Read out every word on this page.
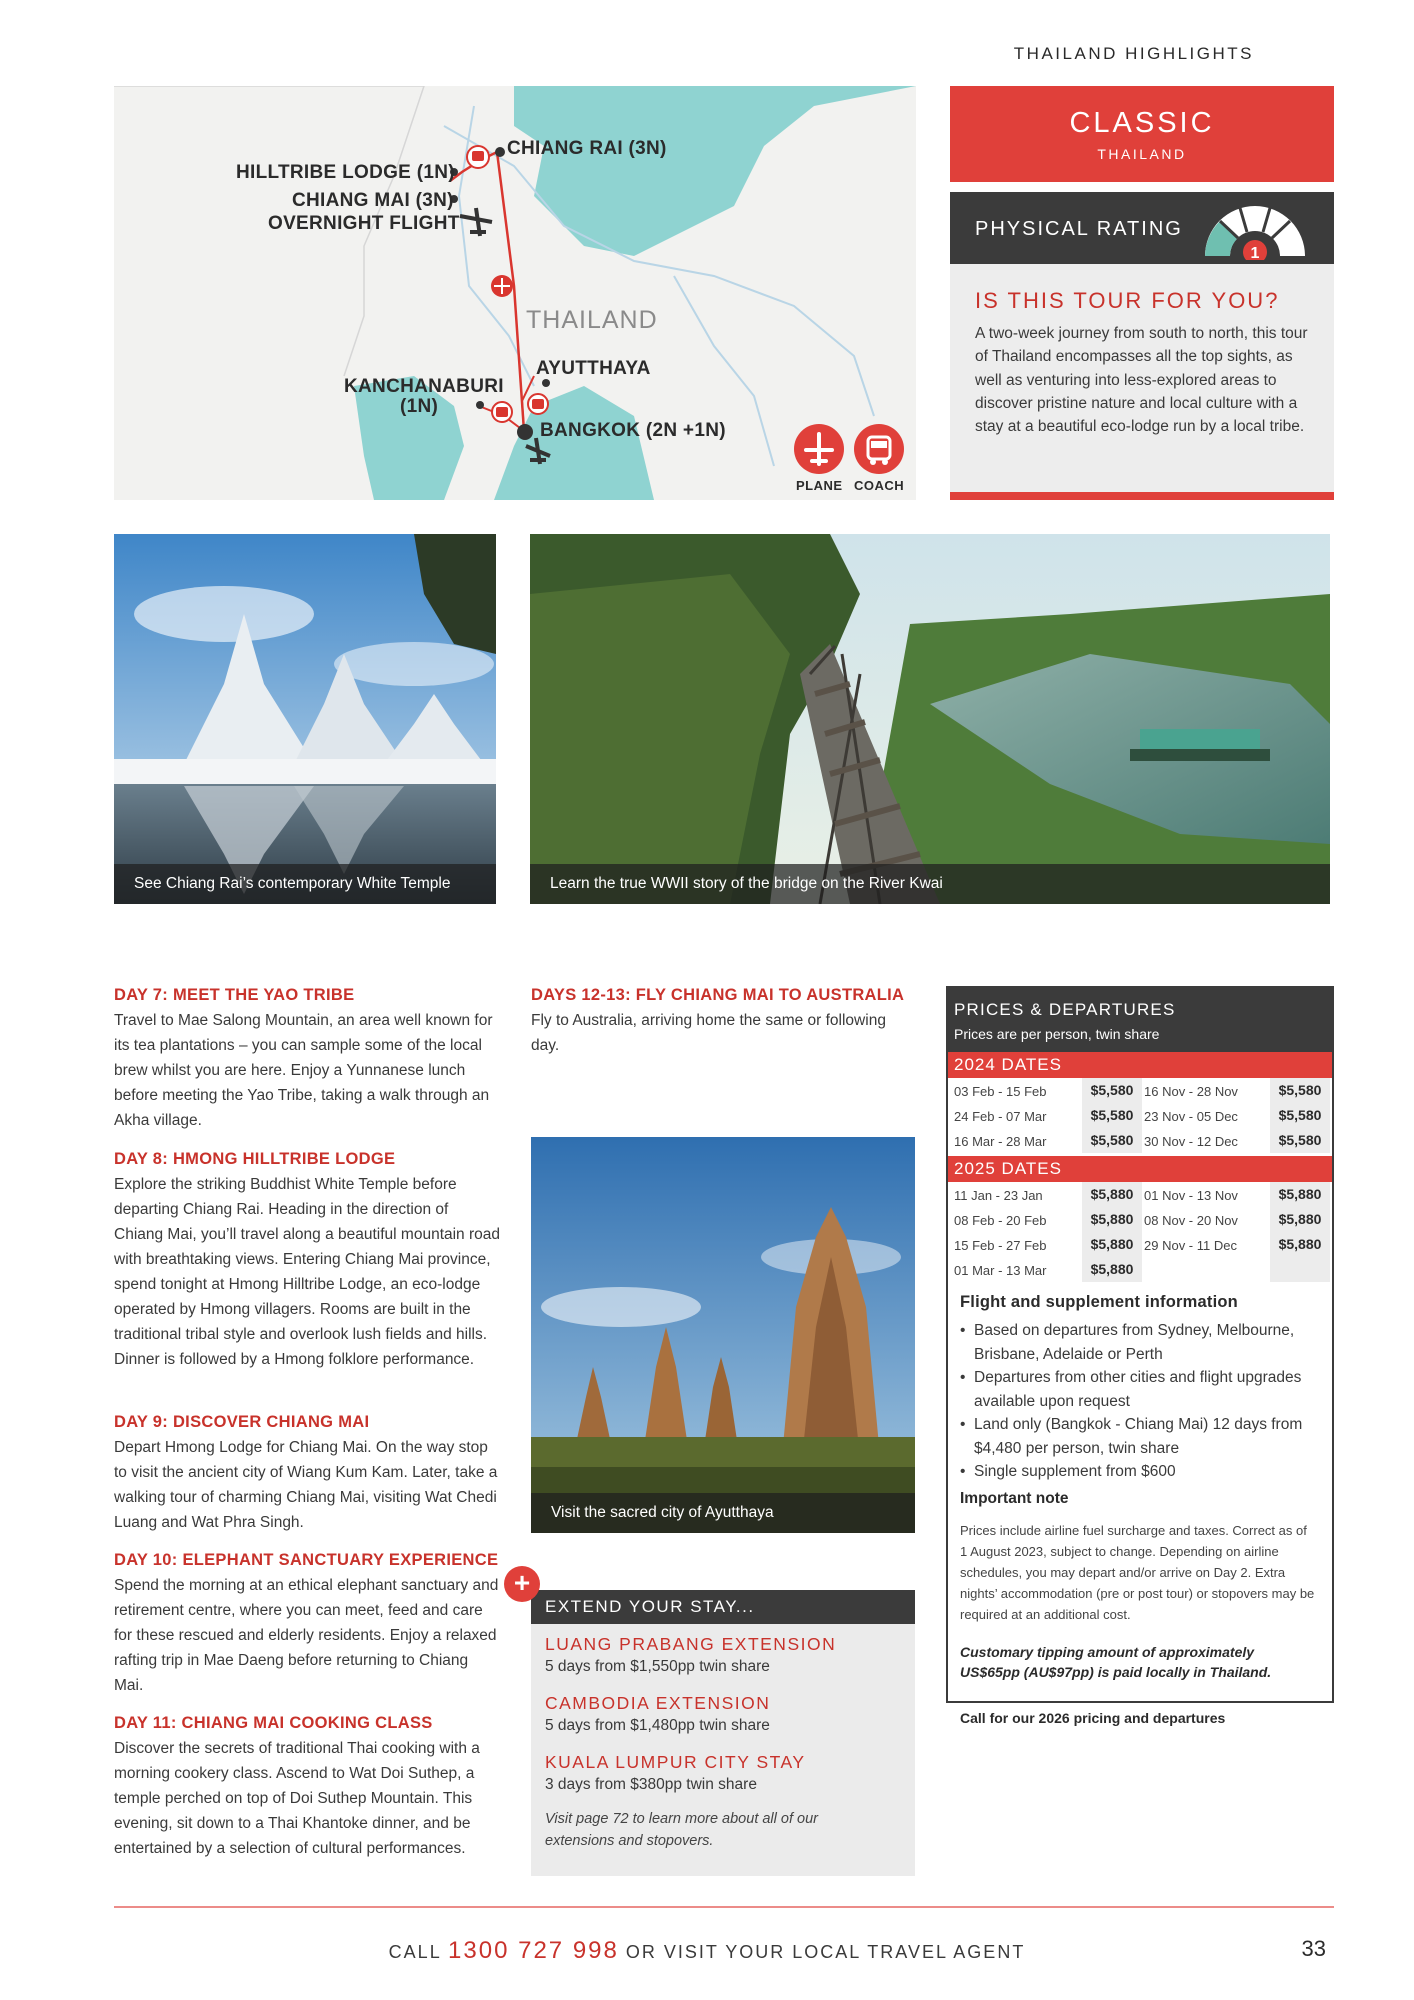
THAILAND HIGHLIGHTS
CHIANG RAI (3N)
HILLTRIBE LODGE (1N)
CHIANG MAI (3N)
OVERNIGHT FLIGHT
THAILAND
AYUTTHAYA
KANCHANABURI
(1N)
BANGKOK (2N +1N)
PLANE COACH
CLASSIC
THAILAND
PHYSICAL RATING
1
IS THIS TOUR FOR YOU?
A two-week journey from south to north, this tour of Thailand encompasses all the top sights, as well as venturing into less-explored areas to discover pristine nature and local culture with a stay at a beautiful eco-lodge run by a local tribe.
See Chiang Rai’s contemporary White Temple	Learn the true WWII story of the bridge on the River Kwai
DAY 7: MEET THE YAO TRIBE
Travel to Mae Salong Mountain, an area well known for its tea plantations – you can sample some of the local brew whilst you are here. Enjoy a Yunnanese lunch before meeting the Yao Tribe, taking a walk through an Akha village.
DAY 8: HMONG HILLTRIBE LODGE
Explore the striking Buddhist White Temple before departing Chiang Rai. Heading in the direction of Chiang Mai, you’ll travel along a beautiful mountain road with breathtaking views. Entering Chiang Mai province, spend tonight at Hmong Hilltribe Lodge, an eco-lodge operated by Hmong villagers. Rooms are built in the traditional tribal style and overlook lush fields and hills. Dinner is followed by a Hmong folklore performance.
DAY 9: DISCOVER CHIANG MAI
Depart Hmong Lodge for Chiang Mai. On the way stop to visit the ancient city of Wiang Kum Kam. Later, take a walking tour of charming Chiang Mai, visiting Wat Chedi Luang and Wat Phra Singh.
DAY 10: ELEPHANT SANCTUARY EXPERIENCE
Spend the morning at an ethical elephant sanctuary and retirement centre, where you can meet, feed and care for these rescued and elderly residents. Enjoy a relaxed rafting trip in Mae Daeng before returning to Chiang Mai.
DAY 11: CHIANG MAI COOKING CLASS
Discover the secrets of traditional Thai cooking with a morning cookery class. Ascend to Wat Doi Suthep, a temple perched on top of Doi Suthep Mountain. This evening, sit down to a Thai Khantoke dinner, and be entertained by a selection of cultural performances.
DAYS 12-13: FLY CHIANG MAI TO AUSTRALIA
Fly to Australia, arriving home the same or following day.
Visit the sacred city of Ayutthaya
LUANG PRABANG EXTENSION
5 days from $1,550pp twin share
CAMBODIA EXTENSION
5 days from $1,480pp twin share
KUALA LUMPUR CITY STAY
3 days from $380pp twin share
Visit page 72 to learn more about all of our extensions and stopovers.
EXTEND YOUR STAY...
+
PRICES & DEPARTURES
Prices are per person, twin share
2024 DATES
03 Feb - 15 Feb	$5,580 16 Nov - 28 Nov	$5,580
24 Feb - 07 Mar	$5,580 23 Nov - 05 Dec	$5,580
16 Mar - 28 Mar	$5,580 30 Nov - 12 Dec	$5,580
2025 DATES
11 Jan - 23 Jan	$5,880 01 Nov - 13 Nov	$5,880
08 Feb - 20 Feb	$5,880 08 Nov - 20 Nov	$5,880
15 Feb - 27 Feb	$5,880 29 Nov - 11 Dec	$5,880
01 Mar - 13 Mar	$5,880
Flight and supplement information
• Based on departures from Sydney, Melbourne, Brisbane, Adelaide or Perth
• Departures from other cities and flight upgrades available upon request
• Land only (Bangkok - Chiang Mai) 12 days from $4,480 per person, twin share
• Single supplement from $600
Important note
Prices include airline fuel surcharge and taxes. Correct as of 1 August 2023, subject to change. Depending on airline schedules, you may depart and/or arrive on Day 2. Extra nights’ accommodation (pre or post tour) or stopovers may be required at an additional cost.
Customary tipping amount of approximately US$65pp (AU$97pp) is paid locally in Thailand.
Call for our 2026 pricing and departures
CALL 1300 727 998 OR VISIT YOUR LOCAL TRAVEL AGENT	33
